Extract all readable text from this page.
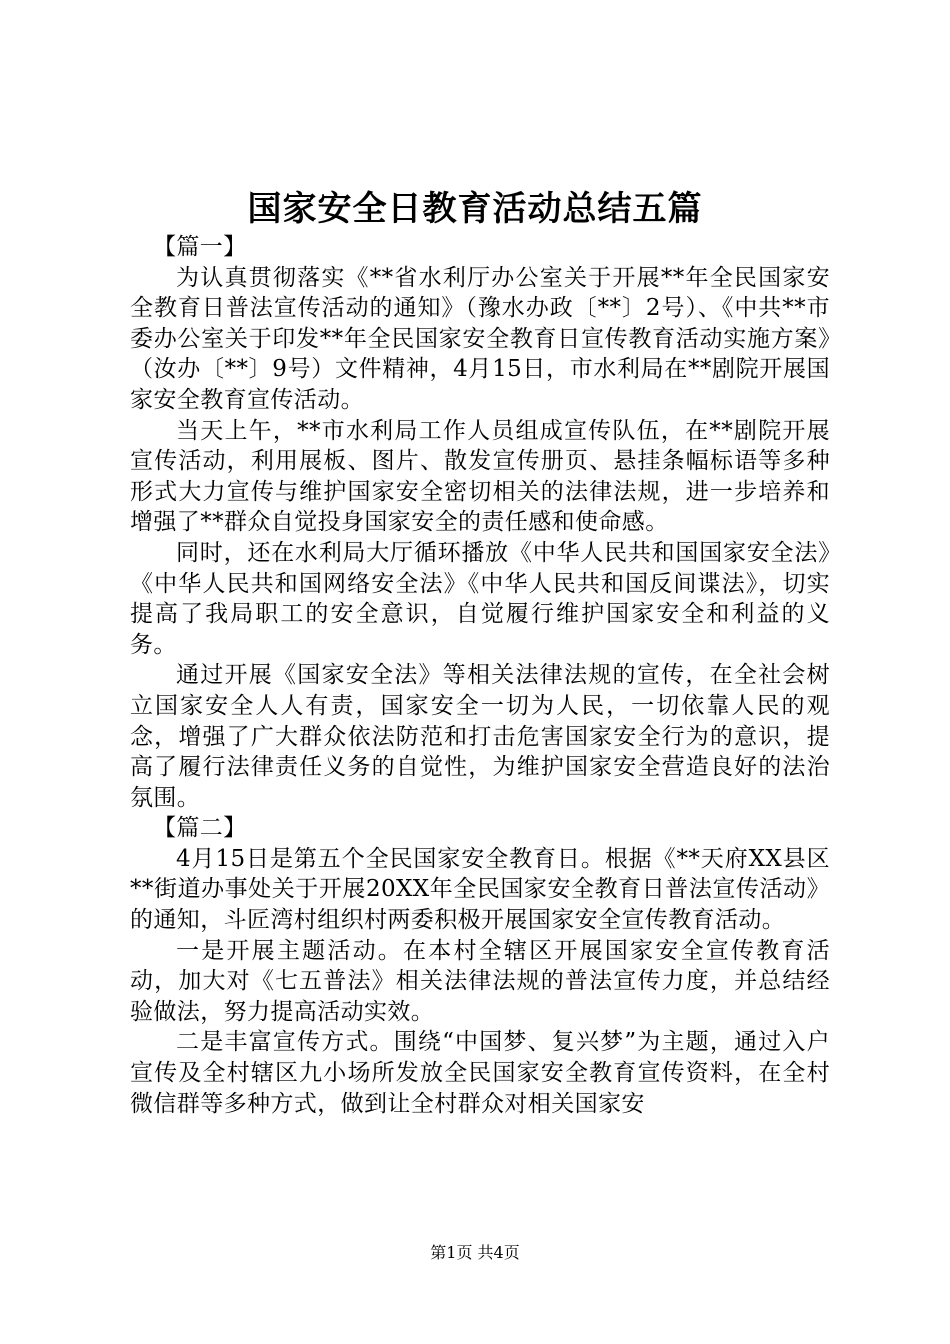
国家安全日教育活动总结五篇

【篇一】

为认真贯彻落实《**省水利厅办公室关于开展**年全民国家安全教育日普法宣传活动的通知》（豫水办政〔**〕2号）、《中共**市委办公室关于印发**年全民国家安全教育日宣传教育活动实施方案》（汝办〔**〕9号）文件精神，4月15日，市水利局在**剧院开展国家安全教育宣传活动。

当天上午，**市水利局工作人员组成宣传队伍，在**剧院开展宣传活动，利用展板、图片、散发宣传册页、悬挂条幅标语等多种形式大力宣传与维护国家安全密切相关的法律法规，进一步培养和增强了**群众自觉投身国家安全的责任感和使命感。

同时，还在水利局大厅循环播放《中华人民共和国国家安全法》《中华人民共和国网络安全法》《中华人民共和国反间谍法》，切实提高了我局职工的安全意识，自觉履行维护国家安全和利益的义务。

通过开展《国家安全法》等相关法律法规的宣传，在全社会树立国家安全人人有责，国家安全一切为人民，一切依靠人民的观念，增强了广大群众依法防范和打击危害国家安全行为的意识，提高了履行法律责任义务的自觉性，为维护国家安全营造良好的法治氛围。

【篇二】

4月15日是第五个全民国家安全教育日。根据《**天府XX县区**街道办事处关于开展20XX年全民国家安全教育日普法宣传活动》的通知，斗匠湾村组织村两委积极开展国家安全宣传教育活动。

一是开展主题活动。在本村全辖区开展国家安全宣传教育活动，加大对《七五普法》相关法律法规的普法宣传力度，并总结经验做法，努力提高活动实效。

二是丰富宣传方式。围绕“中国梦、复兴梦”为主题，通过入户宣传及全村辖区九小场所发放全民国家安全教育宣传资料，在全村微信群等多种方式，做到让全村群众对相关国家安

第1页 共4页
